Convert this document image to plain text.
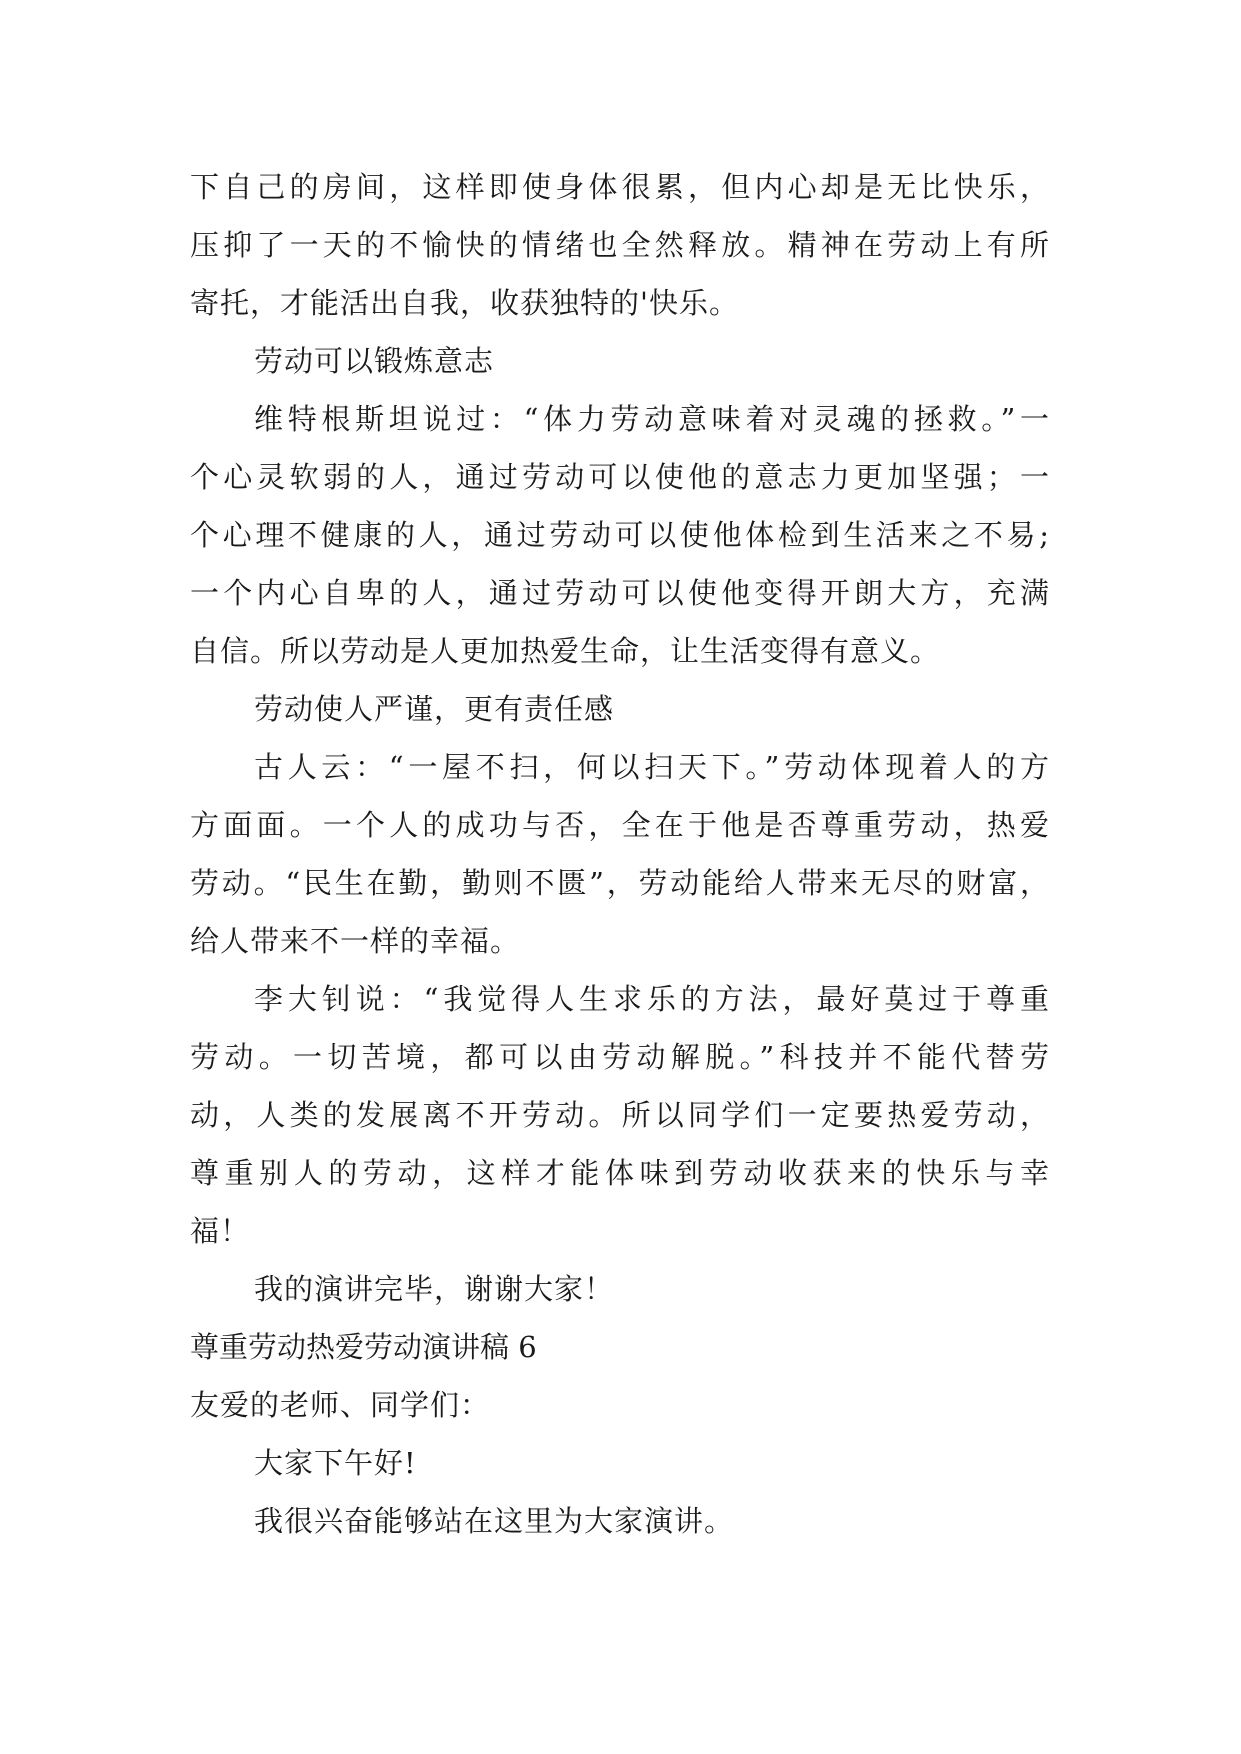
下自己的房间，这样即使身体很累，但内心却是无比快乐，
压抑了一天的不愉快的情绪也全然释放。精神在劳动上有所
寄托，才能活出自我，收获独特的'快乐。
劳动可以锻炼意志
维特根斯坦说过：“体力劳动意味着对灵魂的拯救。”一
个心灵软弱的人，通过劳动可以使他的意志力更加坚强；一
个心理不健康的人，通过劳动可以使他体检到生活来之不易;
一个内心自卑的人，通过劳动可以使他变得开朗大方，充满
自信。所以劳动是人更加热爱生命，让生活变得有意义。
劳动使人严谨，更有责任感
古人云：“一屋不扫，何以扫天下。”劳动体现着人的方
方面面。一个人的成功与否，全在于他是否尊重劳动，热爱
劳动。“民生在勤，勤则不匮”，劳动能给人带来无尽的财富，
给人带来不一样的幸福。
李大钊说：“我觉得人生求乐的方法，最好莫过于尊重
劳动。一切苦境，都可以由劳动解脱。”科技并不能代替劳
动，人类的发展离不开劳动。所以同学们一定要热爱劳动，
尊重别人的劳动，这样才能体味到劳动收获来的快乐与幸
福！
我的演讲完毕，谢谢大家！
尊重劳动热爱劳动演讲稿 6
友爱的老师、同学们：
大家下午好!
我很兴奋能够站在这里为大家演讲。
